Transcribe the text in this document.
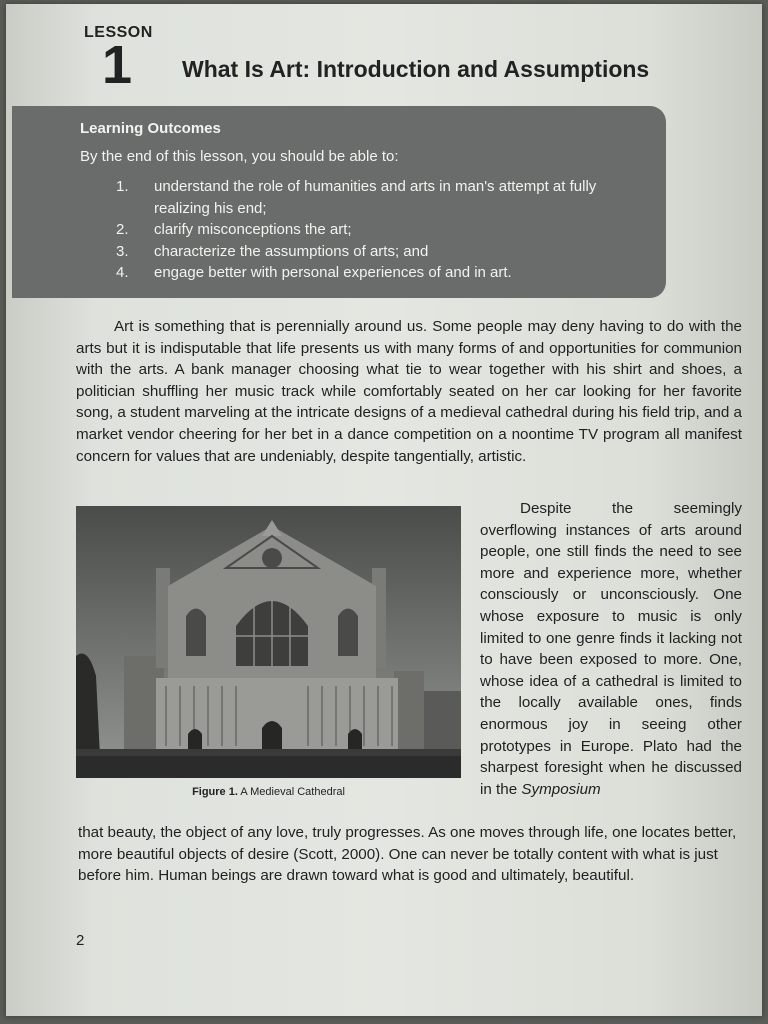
LESSON
1 What Is Art: Introduction and Assumptions
Learning Outcomes
By the end of this lesson, you should be able to:
1.	understand the role of humanities and arts in man's attempt at fully realizing his end;
2.	clarify misconceptions the art;
3.	characterize the assumptions of arts; and
4.	engage better with personal experiences of and in art.

Art is something that is perennially around us. Some people may deny having to do with the arts but it is indisputable that life presents us with many forms of and opportunities for communion with the arts. A bank manager choosing what tie to wear together with his shirt and shoes, a politician shuffling her music track while comfortably seated on her car looking for her favorite song, a student marveling at the intricate designs of a medieval cathedral during his field trip, and a market vendor cheering for her bet in a dance competition on a noontime TV program all manifest concern for values that are undeniably, despite tangentially, artistic.

Figure 1. A Medieval Cathedral

Despite the seemingly overflowing instances of arts around people, one still finds the need to see more and experience more, whether consciously or unconsciously. One whose exposure to music is only limited to one genre finds it lacking not to have been exposed to more. One, whose idea of a cathedral is limited to the locally available ones, finds enormous joy in seeing other prototypes in Europe. Plato had the sharpest foresight when he discussed in the Symposium

that beauty, the object of any love, truly progresses. As one moves through life, one locates better, more beautiful objects of desire (Scott, 2000). One can never be totally content with what is just before him. Human beings are drawn toward what is good and ultimately, beautiful.

2
